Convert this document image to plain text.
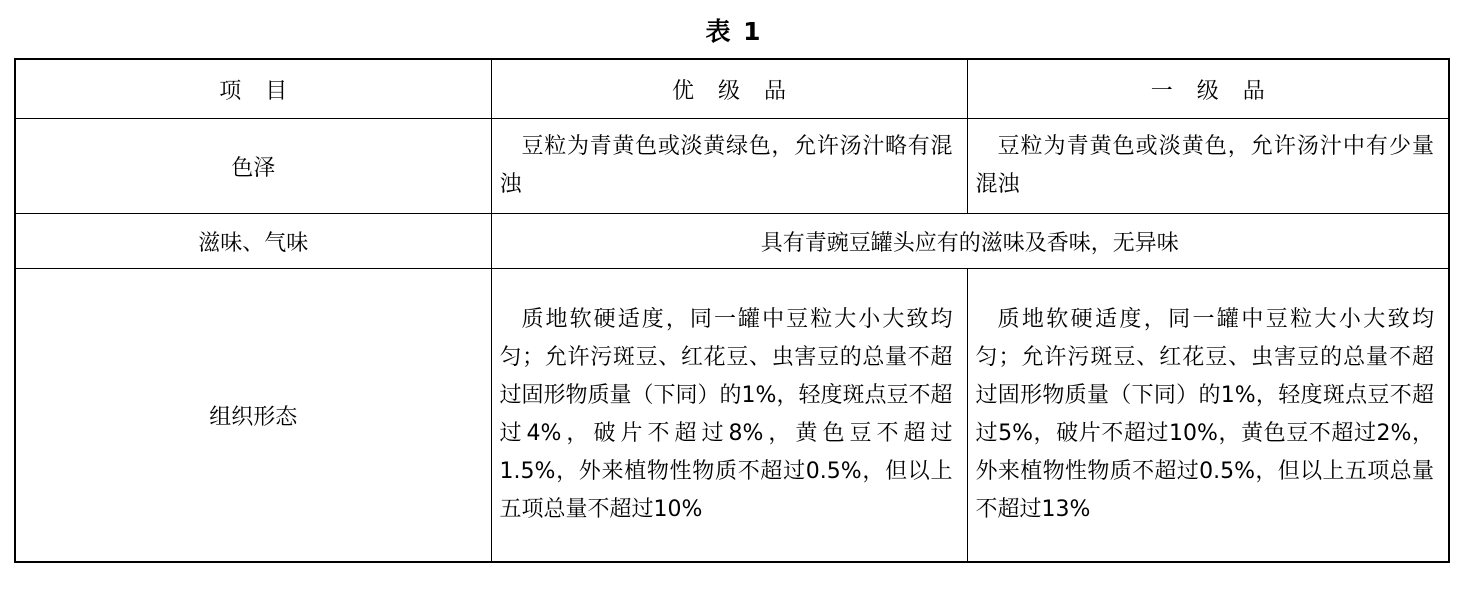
表 1
项目	优级品	一级品
色泽	豆粒为青黄色或淡黄绿色，允许汤汁略有混浊	豆粒为青黄色或淡黄色，允许汤汁中有少量混浊

滋味、气味	具有青豌豆罐头应有的滋味及香味，无异味	
组织形态	质地软硬适度，同一罐中豆粒大小大致均匀；允许污斑豆、红花豆、虫害豆的总量不超过固形物质量（下同）的1%，轻度斑点豆不超过4%，破片不超过8%，黄色豆不超过1.5%，外来植物性物质不超过0.5%，但以上五项总量不超过10%	质地软硬适度，同一罐中豆粒大小大致均匀；允许污斑豆、红花豆、虫害豆的总量不超过固形物质量（下同）的1%，轻度斑点豆不超过5%，破片不超过10%，黄色豆不超过2%，外来植物性物质不超过0.5%，但以上五项总量不超过13%
